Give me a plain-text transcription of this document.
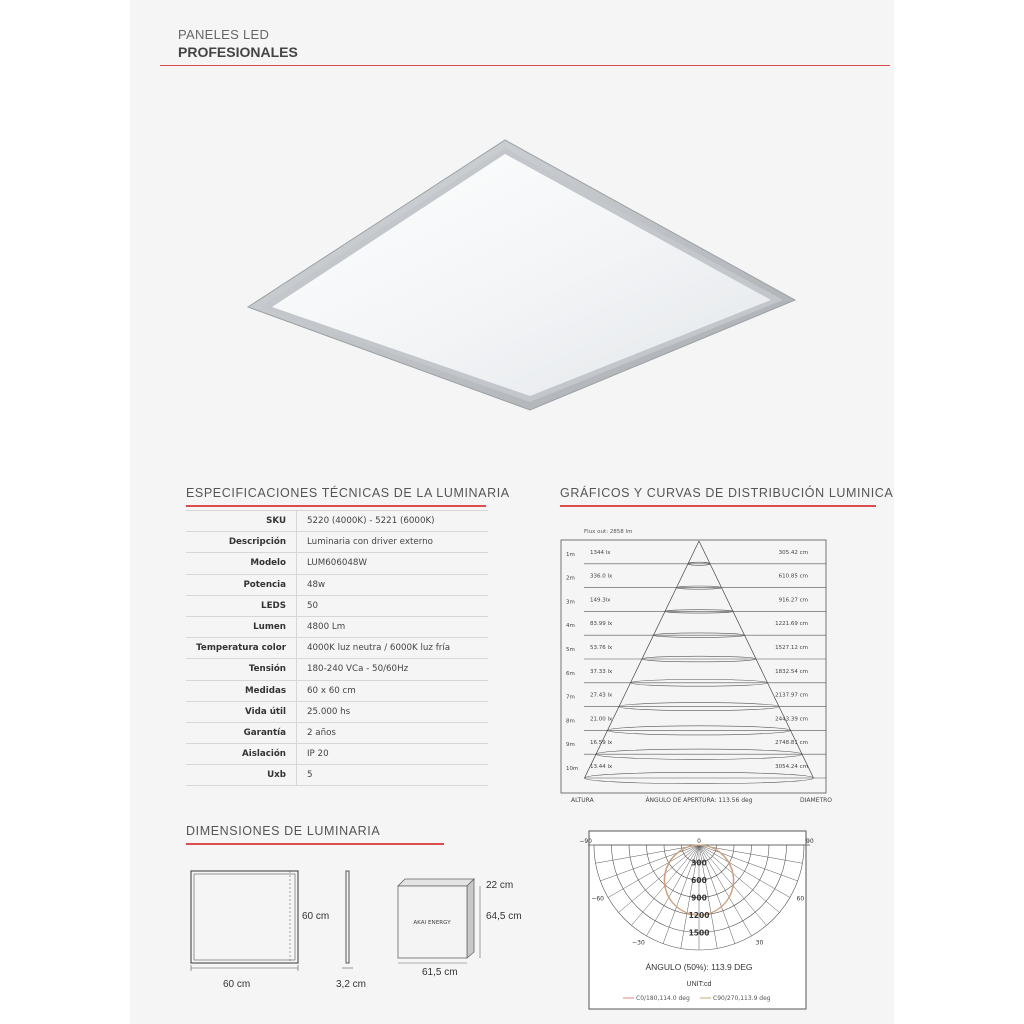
PANELES LED
PROFESIONALES
ESPECIFICACIONES TÉCNICAS DE LA LUMINARIA	GRÁFICOS Y CURVAS DE DISTRIBUCIÓN LUMINICA
DIMENSIONES DE LUMINARIA
SKU	5220 (4000K) - 5221 (6000K)
Descripción	Luminaria con driver externo
Modelo	LUM606048W
Potencia	48w
LEDS	50
Lumen	4800 Lm
Temperatura color	4000K luz neutra / 6000K luz fría
Tensión	180-240 VCa - 50/60Hz
Medidas	60 x 60 cm
Vida útil	25.000 hs
Garantía	2 años
Aislación	IP 20
Uxb	5
Flux out: 2858 lm
1m	1344 lx	305.42 cm
2m	336.0 lx	610.85 cm
3m	149.3lx	916.27 cm
4m	83.99 lx	1221.69 cm
5m	53.76 lx	1527.12 cm
6m	37.33 lx	1832.54 cm
7m	27.43 lx	2137.97 cm
8m	21.00 lx	2443.39 cm
9m	16.59 lx	2748.81 cm
10m 13.44 lx	3054.24 cm
ALTURA	ÁNGULO DE APERTURA: 113.56 deg	DIAMETRO
300
600
900
1200
1500
0
−90	90
−60	60
−30	30
ÁNGULO (50%): 113.9 DEG
UNIT:cd
C0/180,114.0 deg	C90/270,113.9 deg
AKAI ENERGY
60 cm
60 cm
3,2 cm
22 cm
64,5 cm
61,5 cm
